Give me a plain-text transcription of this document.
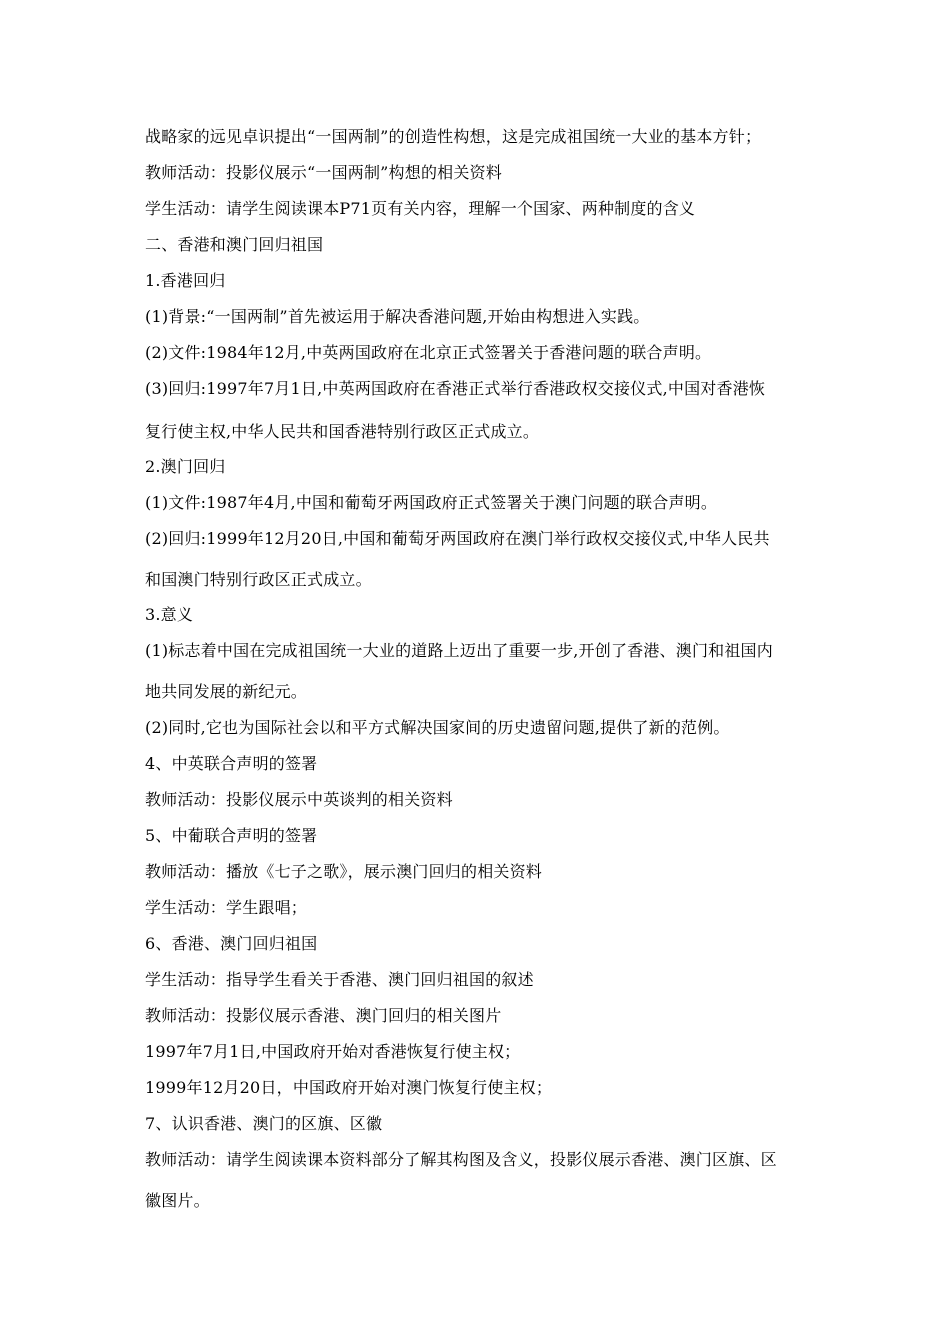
战略家的远见卓识提出“一国两制”的创造性构想，这是完成祖国统一大业的基本方针；
教师活动：投影仪展示“一国两制”构想的相关资料
学生活动：请学生阅读课本P71页有关内容，理解一个国家、两种制度的含义
二、香港和澳门回归祖国
1.香港回归
(1)背景:“一国两制”首先被运用于解决香港问题,开始由构想进入实践。
(2)文件:1984年12月,中英两国政府在北京正式签署关于香港问题的联合声明。
(3)回归:1997年7月1日,中英两国政府在香港正式举行香港政权交接仪式,中国对香港恢
复行使主权,中华人民共和国香港特别行政区正式成立。
2.澳门回归
(1)文件:1987年4月,中国和葡萄牙两国政府正式签署关于澳门问题的联合声明。
(2)回归:1999年12月20日,中国和葡萄牙两国政府在澳门举行政权交接仪式,中华人民共
和国澳门特别行政区正式成立。
3.意义
(1)标志着中国在完成祖国统一大业的道路上迈出了重要一步,开创了香港、澳门和祖国内
地共同发展的新纪元。
(2)同时,它也为国际社会以和平方式解决国家间的历史遗留问题,提供了新的范例。
4、中英联合声明的签署
教师活动：投影仪展示中英谈判的相关资料
5、中葡联合声明的签署
教师活动：播放《七子之歌》，展示澳门回归的相关资料
学生活动：学生跟唱；
6、香港、澳门回归祖国
学生活动：指导学生看关于香港、澳门回归祖国的叙述
教师活动：投影仪展示香港、澳门回归的相关图片
1997年7月1日,中国政府开始对香港恢复行使主权；
1999年12月20日，中国政府开始对澳门恢复行使主权；
7、认识香港、澳门的区旗、区徽
教师活动：请学生阅读课本资料部分了解其构图及含义，投影仪展示香港、澳门区旗、区
徽图片。
